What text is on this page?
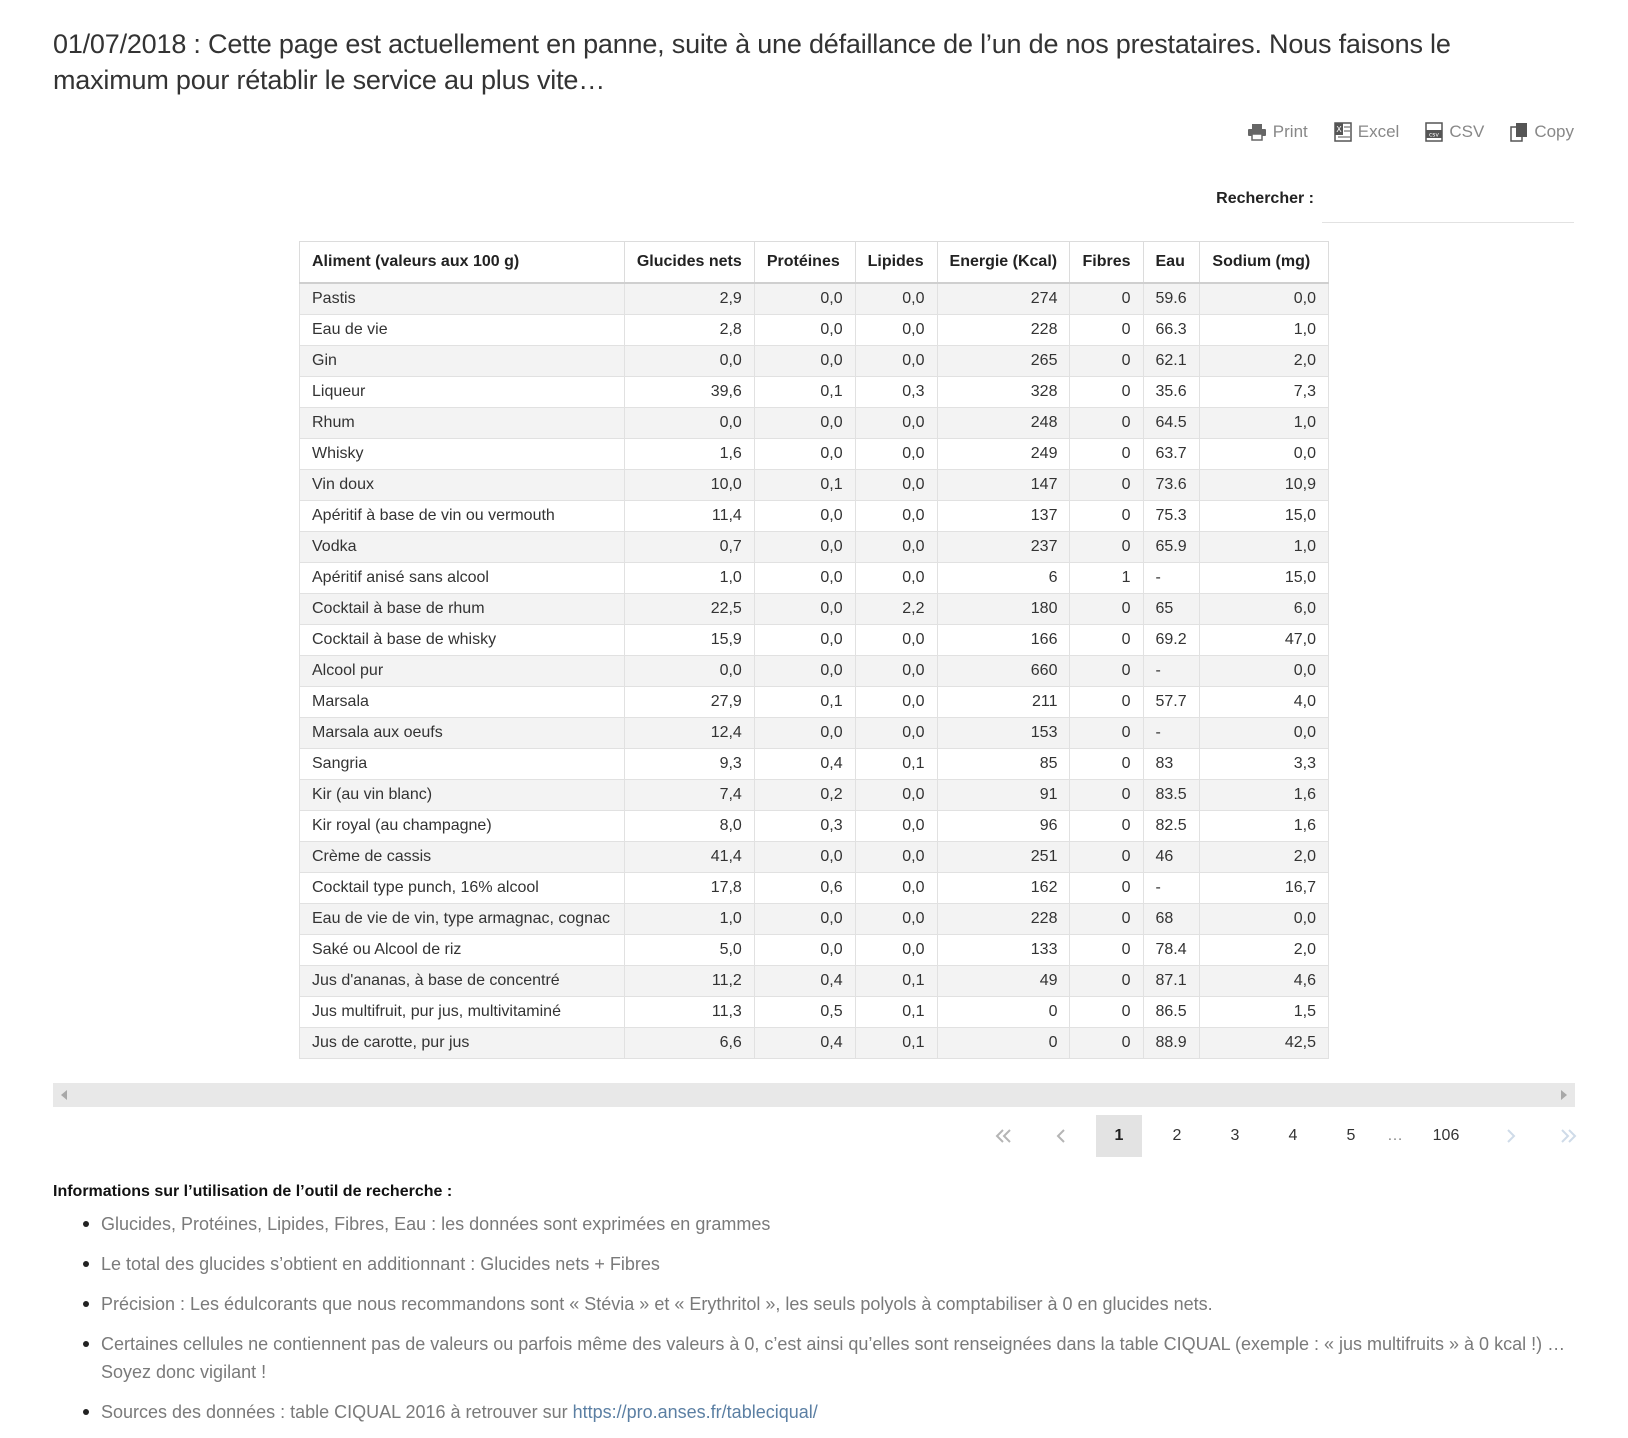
01/07/2018 : Cette page est actuellement en panne, suite à une défaillance de l’un de nos prestataires. Nous faisons le maximum pour rétablir le service au plus vite…
Print	X Excel	csv CSV	Copy
Rechercher :
Aliment (valeurs aux 100 g)	Glucides nets	Protéines	Lipides	Energie (Kcal)	Fibres	Eau	Sodium (mg)
Pastis	2,9	0,0	0,0	274	0	59.6	0,0
Eau de vie	2,8	0,0	0,0	228	0	66.3	1,0
Gin	0,0	0,0	0,0	265	0	62.1	2,0
Liqueur	39,6	0,1	0,3	328	0	35.6	7,3
Rhum	0,0	0,0	0,0	248	0	64.5	1,0
Whisky	1,6	0,0	0,0	249	0	63.7	0,0
Vin doux	10,0	0,1	0,0	147	0	73.6	10,9
Apéritif à base de vin ou vermouth	11,4	0,0	0,0	137	0	75.3	15,0
Vodka	0,7	0,0	0,0	237	0	65.9	1,0
Apéritif anisé sans alcool	1,0	0,0	0,0	6	1	-	15,0
Cocktail à base de rhum	22,5	0,0	2,2	180	0	65	6,0
Cocktail à base de whisky	15,9	0,0	0,0	166	0	69.2	47,0
Alcool pur	0,0	0,0	0,0	660	0	-	0,0
Marsala	27,9	0,1	0,0	211	0	57.7	4,0
Marsala aux oeufs	12,4	0,0	0,0	153	0	-	0,0
Sangria	9,3	0,4	0,1	85	0	83	3,3
Kir (au vin blanc)	7,4	0,2	0,0	91	0	83.5	1,6
Kir royal (au champagne)	8,0	0,3	0,0	96	0	82.5	1,6
Crème de cassis	41,4	0,0	0,0	251	0	46	2,0
Cocktail type punch, 16% alcool	17,8	0,6	0,0	162	0	-	16,7
Eau de vie de vin, type armagnac, cognac	1,0	0,0	0,0	228	0	68	0,0
Saké ou Alcool de riz	5,0	0,0	0,0	133	0	78.4	2,0
Jus d'ananas, à base de concentré	11,2	0,4	0,1	49	0	87.1	4,6
Jus multifruit, pur jus, multivitaminé	11,3	0,5	0,1	0	0	86.5	1,5
Jus de carotte, pur jus	6,6	0,4	0,1	0	0	88.9	42,5
1	2	3	4	5	…	106
Informations sur l’utilisation de l’outil de recherche :
Glucides, Protéines, Lipides, Fibres, Eau : les données sont exprimées en grammes
Le total des glucides s’obtient en additionnant : Glucides nets + Fibres
Précision : Les édulcorants que nous recommandons sont « Stévia » et « Erythritol », les seuls polyols à comptabiliser à 0 en glucides nets.
Certaines cellules ne contiennent pas de valeurs ou parfois même des valeurs à 0, c’est ainsi qu’elles sont renseignées dans la table CIQUAL (exemple : « jus multifruits » à 0 kcal !) … Soyez donc vigilant !
Sources des données : table CIQUAL 2016 à retrouver sur https://pro.anses.fr/tableciqual/
